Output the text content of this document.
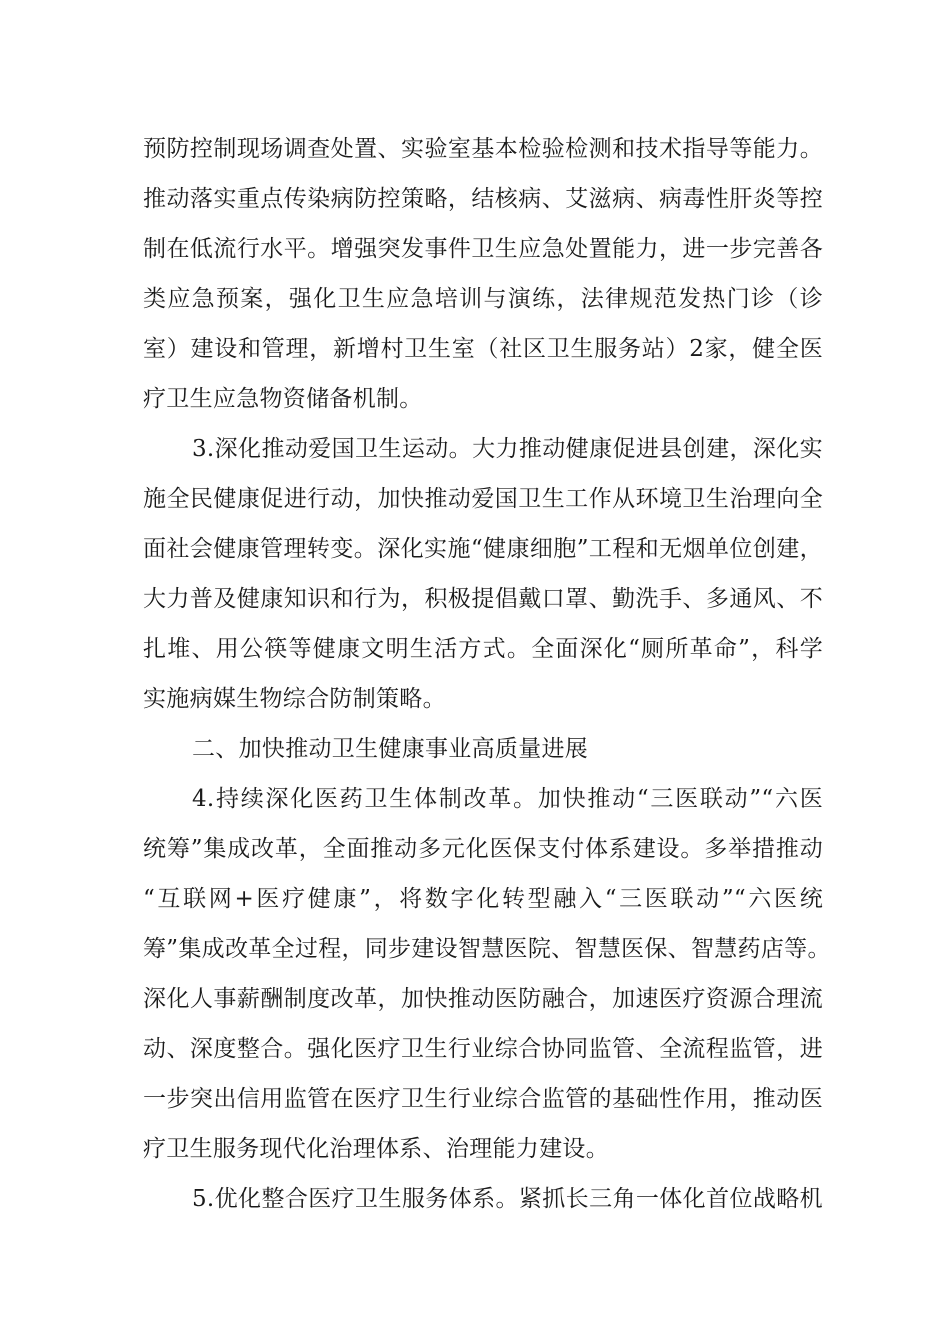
预防控制现场调查处置、实验室基本检验检测和技术指导等能力。
推动落实重点传染病防控策略，结核病、艾滋病、病毒性肝炎等控
制在低流行水平。增强突发事件卫生应急处置能力，进一步完善各
类应急预案，强化卫生应急培训与演练，法律规范发热门诊（诊
室）建设和管理，新增村卫生室（社区卫生服务站）2家，健全医
疗卫生应急物资储备机制。
3.深化推动爱国卫生运动。大力推动健康促进县创建，深化实
施全民健康促进行动，加快推动爱国卫生工作从环境卫生治理向全
面社会健康管理转变。深化实施“健康细胞”工程和无烟单位创建，
大力普及健康知识和行为，积极提倡戴口罩、勤洗手、多通风、不
扎堆、用公筷等健康文明生活方式。全面深化“厕所革命”，科学
实施病媒生物综合防制策略。
二、加快推动卫生健康事业高质量进展
4.持续深化医药卫生体制改革。加快推动“三医联动”“六医
统筹”集成改革，全面推动多元化医保支付体系建设。多举措推动
“互联网+医疗健康”，将数字化转型融入“三医联动”“六医统
筹”集成改革全过程，同步建设智慧医院、智慧医保、智慧药店等。
深化人事薪酬制度改革，加快推动医防融合，加速医疗资源合理流
动、深度整合。强化医疗卫生行业综合协同监管、全流程监管，进
一步突出信用监管在医疗卫生行业综合监管的基础性作用，推动医
疗卫生服务现代化治理体系、治理能力建设。
5.优化整合医疗卫生服务体系。紧抓长三角一体化首位战略机
